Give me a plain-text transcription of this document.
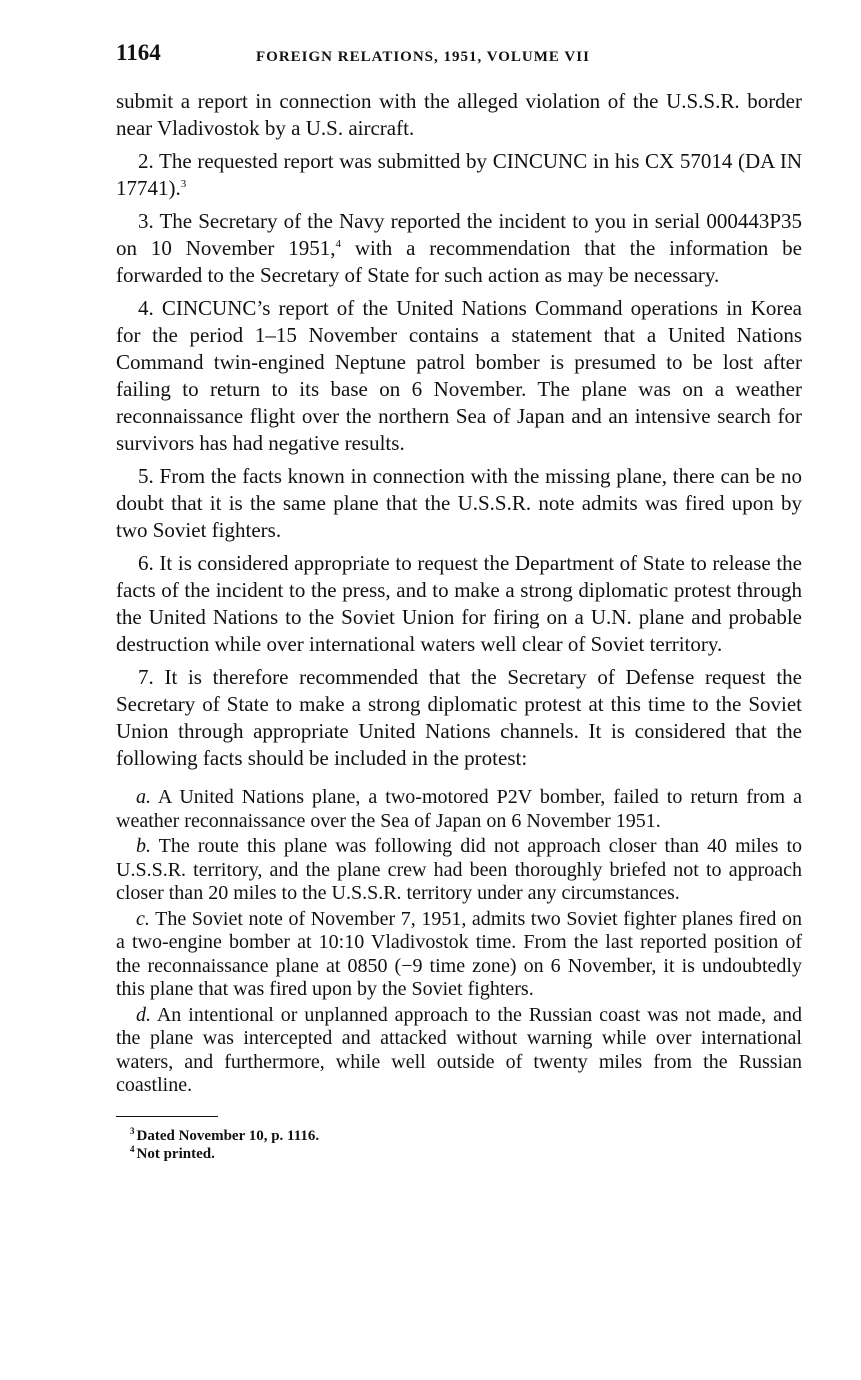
1164	FOREIGN RELATIONS, 1951, VOLUME VII

submit a report in connection with the alleged violation of the U.S.S.R. border near Vladivostok by a U.S. aircraft.

2. The requested report was submitted by CINCUNC in his CX 57014 (DA IN 17741).$^3$

3. The Secretary of the Navy reported the incident to you in serial 000443P35 on 10 November 1951,$^4$ with a recommendation that the information be forwarded to the Secretary of State for such action as may be necessary.

4. CINCUNC’s report of the United Nations Command operations in Korea for the period 1–15 November contains a statement that a United Nations Command twin-engined Neptune patrol bomber is presumed to be lost after failing to return to its base on 6 November. The plane was on a weather reconnaissance flight over the northern Sea of Japan and an intensive search for survivors has had negative results.

5. From the facts known in connection with the missing plane, there can be no doubt that it is the same plane that the U.S.S.R. note admits was fired upon by two Soviet fighters.

6. It is considered appropriate to request the Department of State to release the facts of the incident to the press, and to make a strong diplomatic protest through the United Nations to the Soviet Union for firing on a U.N. plane and probable destruction while over international waters well clear of Soviet territory.

7. It is therefore recommended that the Secretary of Defense request the Secretary of State to make a strong diplomatic protest at this time to the Soviet Union through appropriate United Nations channels. It is considered that the following facts should be included in the protest:

a. A United Nations plane, a two-motored P2V bomber, failed to return from a weather reconnaissance over the Sea of Japan on 6 November 1951.

b. The route this plane was following did not approach closer than 40 miles to U.S.S.R. territory, and the plane crew had been thoroughly briefed not to approach closer than 20 miles to the U.S.S.R. territory under any circumstances.

c. The Soviet note of November 7, 1951, admits two Soviet fighter planes fired on a two-engine bomber at 10:10 Vladivostok time. From the last reported position of the reconnaissance plane at 0850 (−9 time zone) on 6 November, it is undoubtedly this plane that was fired upon by the Soviet fighters.

d. An intentional or unplanned approach to the Russian coast was not made, and the plane was intercepted and attacked without warning while over international waters, and furthermore, while well outside of twenty miles from the Russian coastline.

$^3$ Dated November 10, p. 1116.

$^4$ Not printed.
